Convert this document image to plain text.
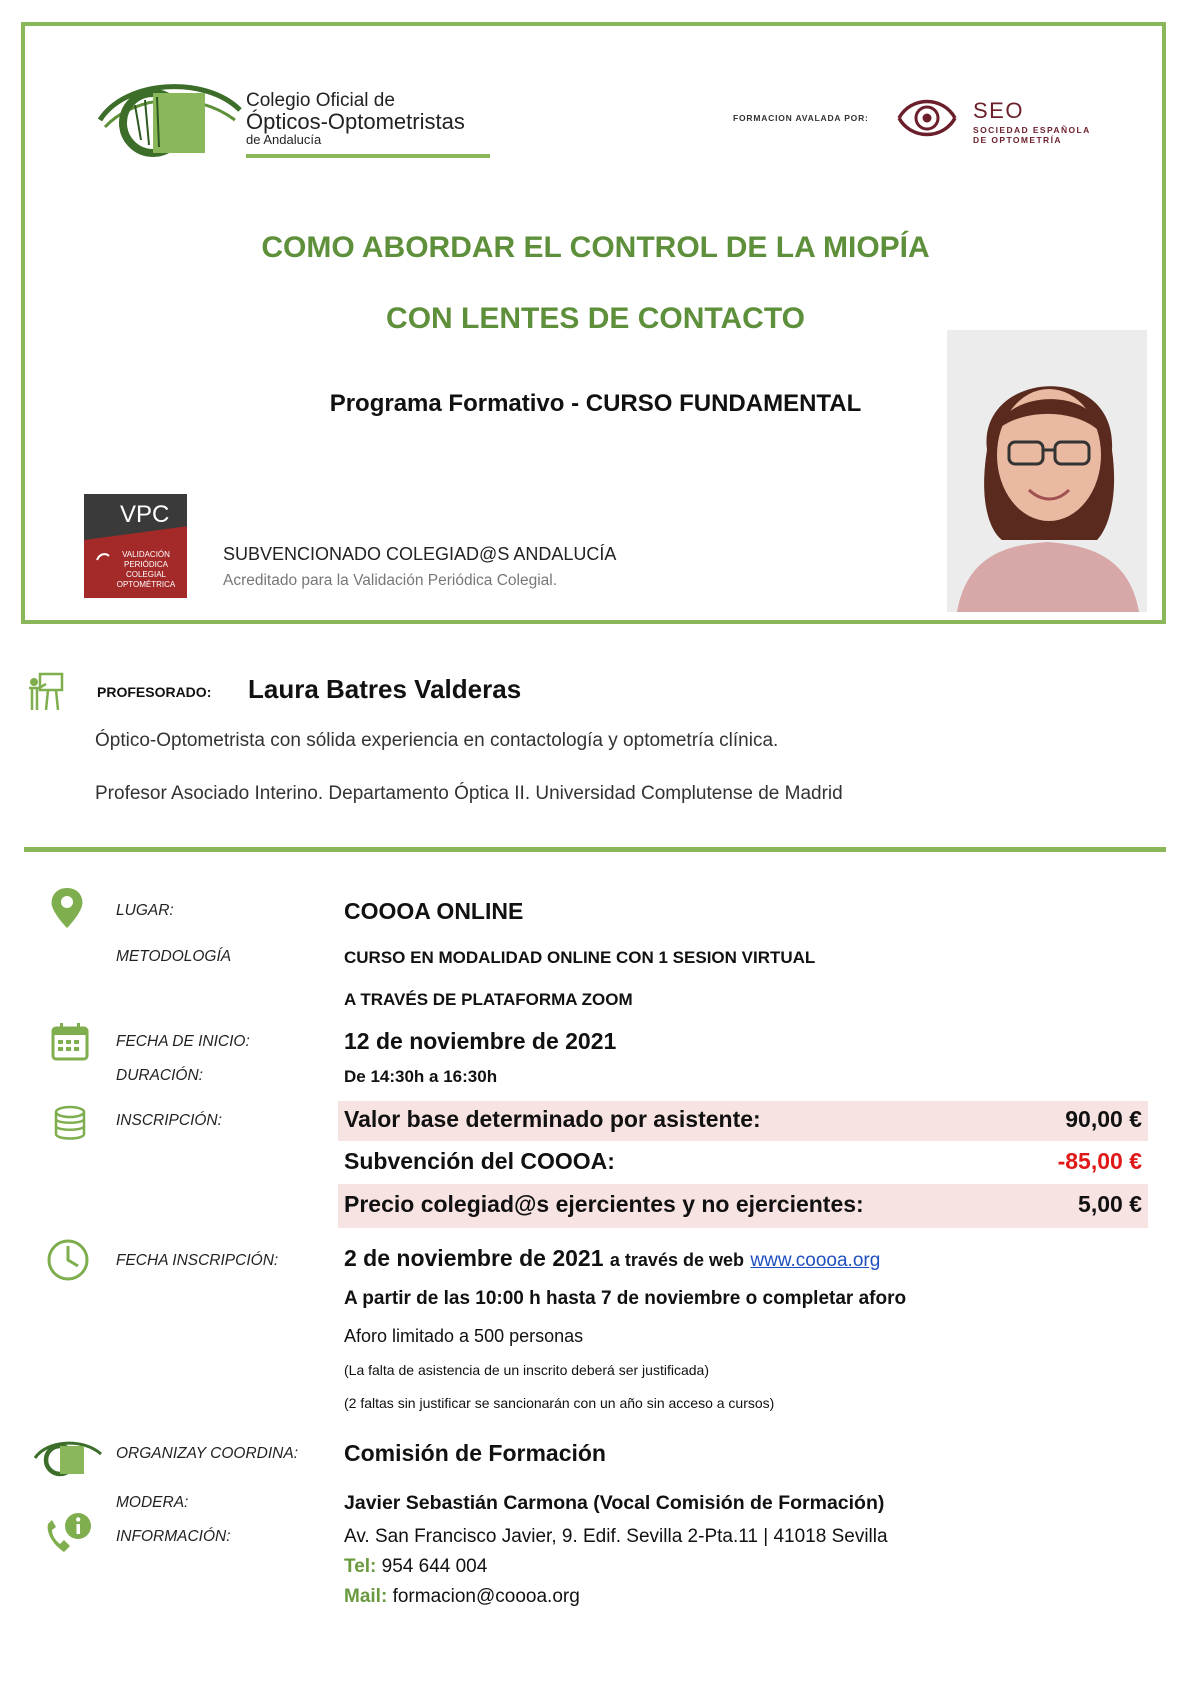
Colegio Oficial de
Ópticos-Optometristas
de Andalucía
FORMACION AVALADA POR:	SEO
SOCIEDAD ESPAÑOLA
DE OPTOMETRÍA
COMO ABORDAR EL CONTROL DE LA MIOPÍA
CON LENTES DE CONTACTO
Programa Formativo - CURSO FUNDAMENTAL
VPC
VALIDACIÓN PERIÓDICA COLEGIAL OPTOMÉTRICA
SUBVENCIONADO COLEGIAD@S ANDALUCÍA
Acreditado para la Validación Periódica Colegial.
PROFESORADO: Laura Batres Valderas
Óptico-Optometrista con sólida experiencia en contactología y optometría clínica.
Profesor Asociado Interino. Departamento Óptica II. Universidad Complutense de Madrid
LUGAR:	COOOA ONLINE
METODOLOGÍA	CURSO EN MODALIDAD ONLINE CON 1 SESION VIRTUAL
A TRAVÉS DE PLATAFORMA ZOOM
FECHA DE INICIO:	12 de noviembre de 2021
DURACIÓN:	De 14:30h a 16:30h
INSCRIPCIÓN:	Valor base determinado por asistente:	90,00 €
Subvención del COOOA:	-85,00 €
Precio colegiad@s ejercientes y no ejercientes:	5,00 €
FECHA INSCRIPCIÓN:	2 de noviembre de 2021 a través de web www.coooa.org
A partir de las 10:00 h hasta 7 de noviembre o completar aforo
Aforo limitado a 500 personas
(La falta de asistencia de un inscrito deberá ser justificada)
(2 faltas sin justificar se sancionarán con un año sin acceso a cursos)
ORGANIZAY COORDINA: Comisión de Formación
MODERA:	Javier Sebastián Carmona (Vocal Comisión de Formación)
INFORMACIÓN:	Av. San Francisco Javier, 9. Edif. Sevilla 2-Pta.11 | 41018 Sevilla
Tel: 954 644 004
Mail: formacion@coooa.org
